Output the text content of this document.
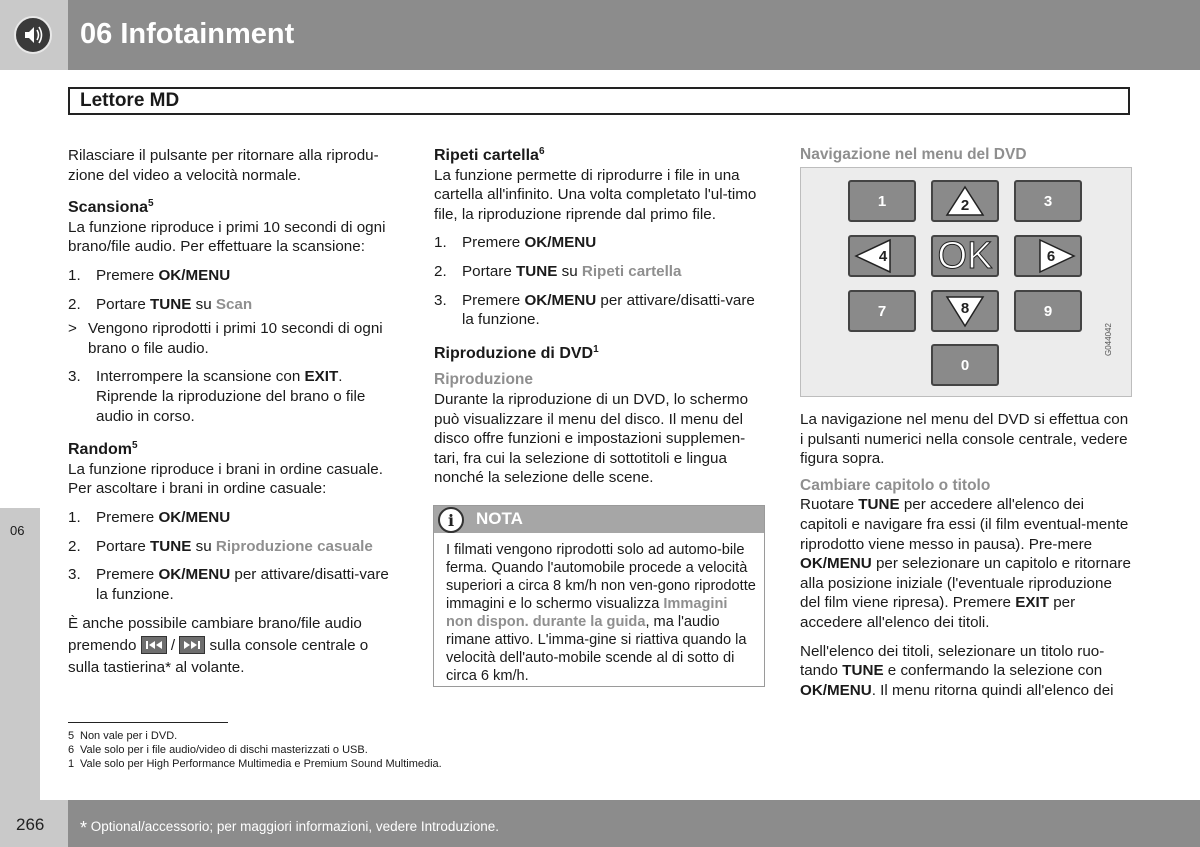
06 Infotainment
Lettore MD
06

Rilasciare il pulsante per ritornare alla riprodu-zione del video a velocità normale.

Scansiona$^5$

La funzione riproduce i primi 10 secondi di ogni brano/file audio. Per effettuare la scansione:

1. Premere OK/MENU

2. Portare TUNE su Scan

> Vengono riprodotti i primi 10 secondi di ogni brano o file audio.

3. Interrompere la scansione con EXIT. Riprende la riproduzione del brano o file audio in corso.

Random$^5$

La funzione riproduce i brani in ordine casuale. Per ascoltare i brani in ordine casuale:

1. Premere OK/MENU

2. Portare TUNE su Riproduzione casuale

3. Premere OK/MENU per attivare/disatti-vare la funzione.

È anche possibile cambiare brano/file audio premendo
/
sulla console centrale o sulla tastierina* al volante.

Ripeti cartella$^6$

La funzione permette di riprodurre i file in una cartella all'infinito. Una volta completato l'ul-timo file, la riproduzione riprende dal primo file.

1. Premere OK/MENU

2. Portare TUNE su Ripeti cartella

3. Premere OK/MENU per attivare/disatti-vare la funzione.

Riproduzione di DVD$^1$

Riproduzione

Durante la riproduzione di un DVD, lo schermo può visualizzare il menu del disco. Il menu del disco offre funzioni e impostazioni supplemen-tari, fra cui la selezione di sottotitoli e lingua nonché la selezione delle scene.

i	NOTA

I filmati vengono riprodotti solo ad automo-bile ferma. Quando l'automobile procede a velocità superiori a circa 8 km/h non ven-gono riprodotte immagini e lo schermo visualizza Immagini non dispon. durante la guida, ma l'audio rimane attivo. L'imma-gine si riattiva quando la velocità dell'auto-mobile scende al di sotto di circa 6 km/h.

Navigazione nel menu del DVD
1	2	3
4 OK	6
7	8	9
0
G044042

La navigazione nel menu del DVD si effettua con i pulsanti numerici nella console centrale, vedere figura sopra.

Cambiare capitolo o titolo

Ruotare TUNE per accedere all'elenco dei capitoli e navigare fra essi (il film eventual-mente riprodotto viene messo in pausa). Pre-mere OK/MENU per selezionare un capitolo e ritornare alla posizione iniziale (l'eventuale riproduzione del film viene ripresa). Premere EXIT per accedere all'elenco dei titoli.

Nell'elenco dei titoli, selezionare un titolo ruo-tando TUNE e confermando la selezione con OK/MENU. Il menu ritorna quindi all'elenco dei

5 Non vale per i DVD.
6 Vale solo per i file audio/video di dischi masterizzati o USB.
1 Vale solo per High Performance Multimedia e Premium Sound Multimedia.
266 * Optional/accessorio; per maggiori informazioni, vedere Introduzione.
